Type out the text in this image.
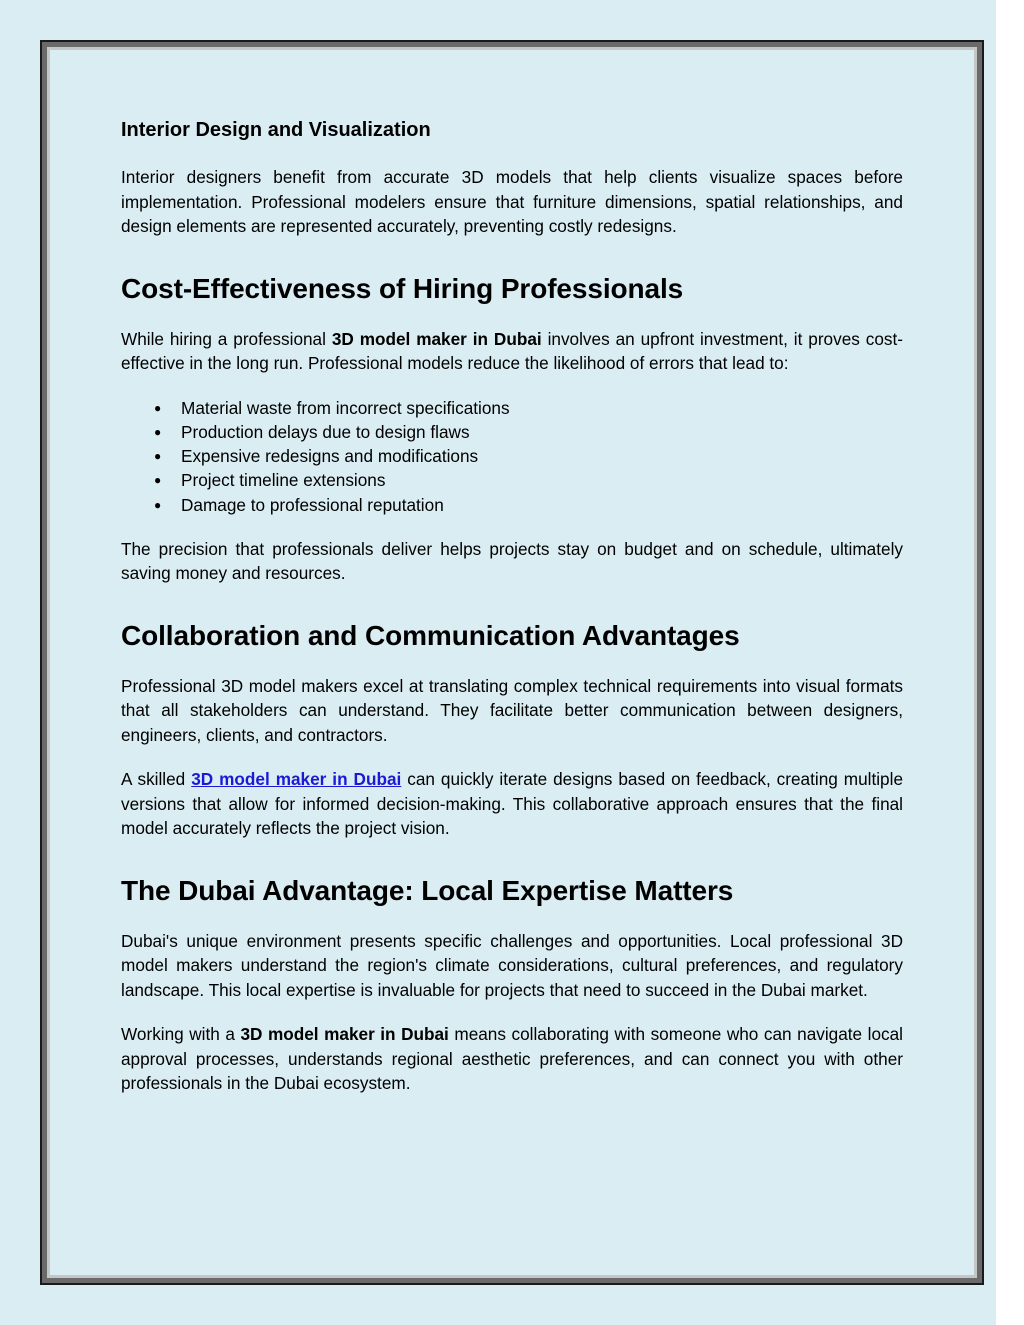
Interior Design and Visualization

Interior designers benefit from accurate 3D models that help clients visualize spaces before implementation. Professional modelers ensure that furniture dimensions, spatial relationships, and design elements are represented accurately, preventing costly redesigns.

Cost-Effectiveness of Hiring Professionals

While hiring a professional 3D model maker in Dubai involves an upfront investment, it proves cost-effective in the long run. Professional models reduce the likelihood of errors that lead to:

● Material waste from incorrect specifications
● Production delays due to design flaws
● Expensive redesigns and modifications
● Project timeline extensions
● Damage to professional reputation

The precision that professionals deliver helps projects stay on budget and on schedule, ultimately saving money and resources.

Collaboration and Communication Advantages

Professional 3D model makers excel at translating complex technical requirements into visual formats that all stakeholders can understand. They facilitate better communication between designers, engineers, clients, and contractors.

A skilled 3D model maker in Dubai can quickly iterate designs based on feedback, creating multiple versions that allow for informed decision-making. This collaborative approach ensures that the final model accurately reflects the project vision.

The Dubai Advantage: Local Expertise Matters

Dubai's unique environment presents specific challenges and opportunities. Local professional 3D model makers understand the region's climate considerations, cultural preferences, and regulatory landscape. This local expertise is invaluable for projects that need to succeed in the Dubai market.

Working with a 3D model maker in Dubai means collaborating with someone who can navigate local approval processes, understands regional aesthetic preferences, and can connect you with other professionals in the Dubai ecosystem.
